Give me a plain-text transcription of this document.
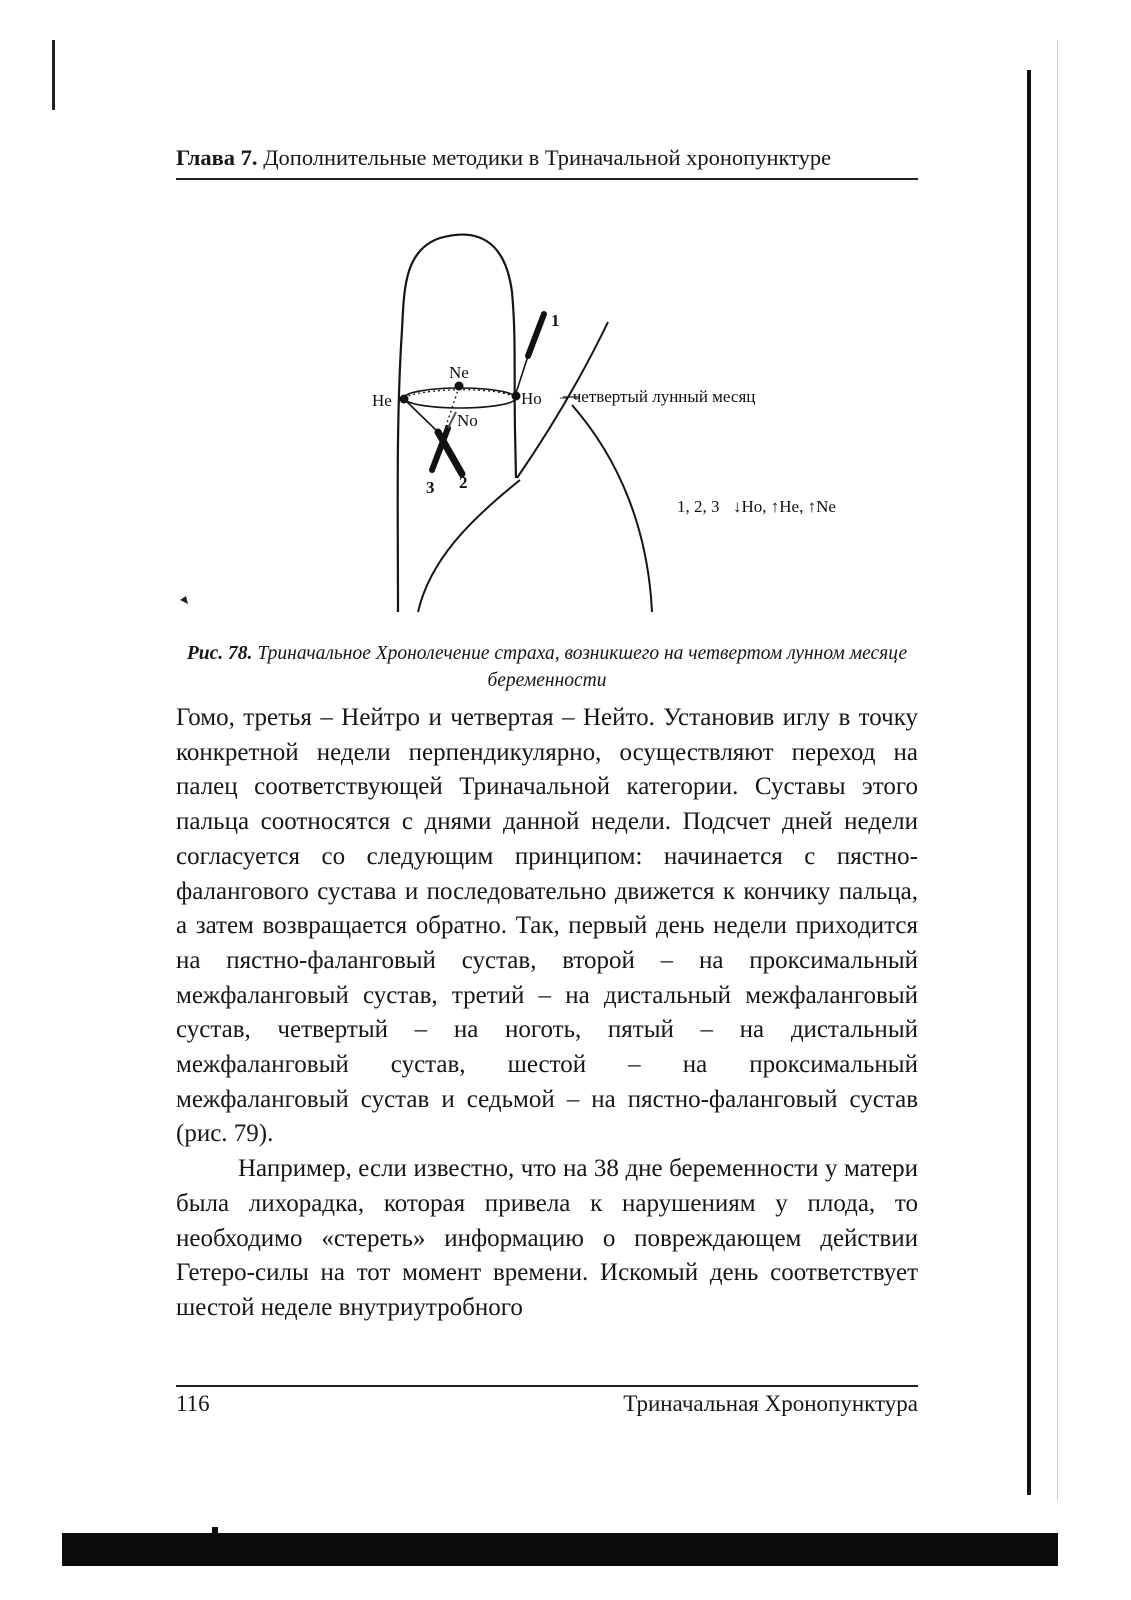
Глава 7. Дополнительные методики в Триначальной хронопунктуре
Ne
He	Ho
No
1
2
3
– четвертый лунный месяц
1, 2, 3 ↓Ho, ↑He, ↑Ne
Рис. 78. Триначальное Хронолечение страха, возникшего на четвертом лунном месяце беременности

Гомо, третья – Нейтро и четвертая – Нейто. Установив иглу в точку конкретной недели перпендикулярно, осуществляют переход на палец соответствующей Триначальной категории. Суставы этого пальца соотносятся с днями данной недели. Подсчет дней недели согласуется со следующим принципом: начинается с пястно-фалангового сустава и последовательно движется к кончику пальца, а затем возвращается обратно. Так, первый день недели приходится на пястно-фаланговый сустав, второй – на проксимальный межфаланговый сустав, третий – на дистальный межфаланговый сустав, четвертый – на ноготь, пятый – на дистальный межфаланговый сустав, шестой – на проксимальный межфаланговый сустав и седьмой – на пястно-фаланговый сустав (рис. 79).

Например, если известно, что на 38 дне беременности у матери была лихорадка, которая привела к нарушениям у плода, то необходимо «стереть» информацию о повреждающем действии Гетеро-силы на тот момент времени. Искомый день соответствует шестой неделе внутриутробного

116	Триначальная Хронопунктура
